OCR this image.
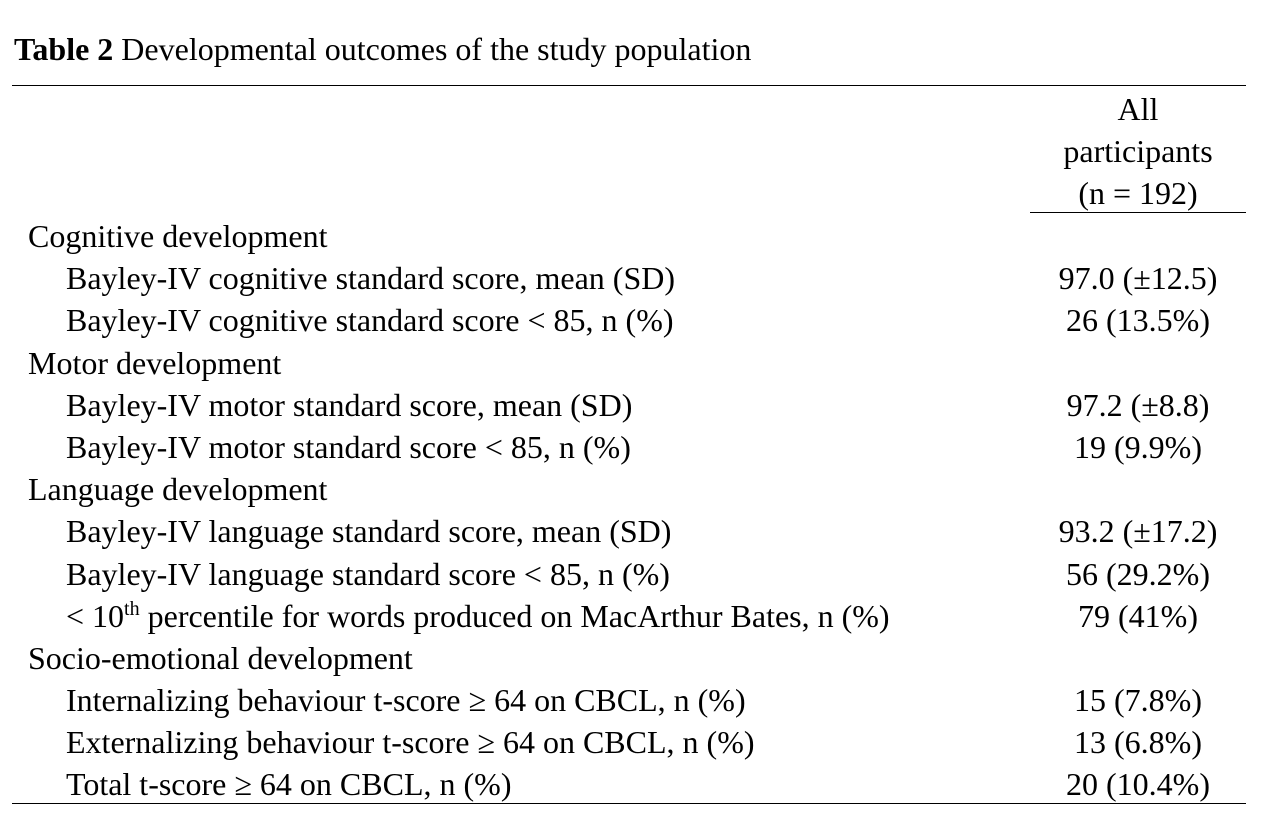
Table 2 Developmental outcomes of the study population
All
participants
(n = 192)
Cognitive development
Bayley-IV cognitive standard score, mean (SD)	97.0 (±12.5)
Bayley-IV cognitive standard score < 85, n (%)	26 (13.5%)
Motor development
Bayley-IV motor standard score, mean (SD)	97.2 (±8.8)
Bayley-IV motor standard score < 85, n (%)	19 (9.9%)
Language development
Bayley-IV language standard score, mean (SD)	93.2 (±17.2)
Bayley-IV language standard score < 85, n (%)	56 (29.2%)
< 10th percentile for words produced on MacArthur Bates, n (%)	79 (41%)
Socio-emotional development
Internalizing behaviour t-score ≥ 64 on CBCL, n (%)	15 (7.8%)
Externalizing behaviour t-score ≥ 64 on CBCL, n (%)	13 (6.8%)
Total t-score ≥ 64 on CBCL, n (%)	20 (10.4%)
